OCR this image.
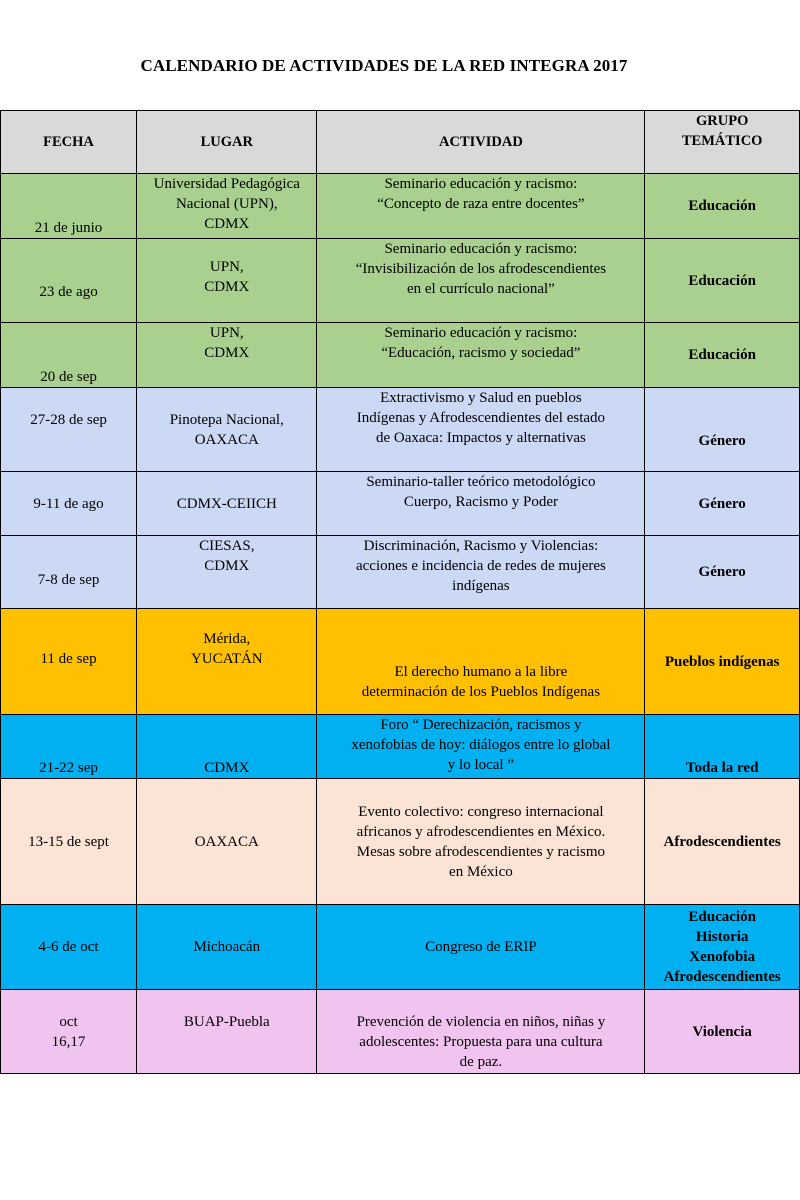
CALENDARIO DE ACTIVIDADES DE LA RED INTEGRA 2017
FECHA	LUGAR	ACTIVIDAD	GRUPO
TEMÁTICO
21 de junio	Universidad Pedagógica
Nacional (UPN),
CDMX	Seminario educación y racismo:
“Concepto de raza entre docentes”	Educación
23 de ago	UPN,
CDMX	Seminario educación y racismo:
“Invisibilización de los afrodescendientes
en el currículo nacional”	Educación
20 de sep	UPN,
CDMX	Seminario educación y racismo:
“Educación, racismo y sociedad”	Educación
27-28 de sep	Pinotepa Nacional,
OAXACA	Extractivismo y Salud en pueblos
Indígenas y Afrodescendientes del estado
de Oaxaca: Impactos y alternativas	Género
9-11 de ago	CDMX-CEIICH	Seminario-taller teórico metodológico
Cuerpo, Racismo y Poder	Género
7-8 de sep	CIESAS,
CDMX	Discriminación, Racismo y Violencias:
acciones e incidencia de redes de mujeres
indígenas	Género
11 de sep	Mérida,
YUCATÁN	El derecho humano a la libre
determinación de los Pueblos Indígenas	Pueblos indígenas
21-22 sep	CDMX	Foro “ Derechización, racismos y
xenofobias de hoy: diálogos entre lo global
y lo local ”	Toda la red
13-15 de sept	OAXACA	Evento colectivo: congreso internacional
africanos y afrodescendientes en México.
Mesas sobre afrodescendientes y racismo
en México	Afrodescendientes
4-6 de oct	Michoacán	Congreso de ERIP	Educación
Historia
Xenofobia
Afrodescendientes
oct
16,17	BUAP-Puebla	Prevención de violencia en niños, niñas y
adolescentes: Propuesta para una cultura
de paz.	Violencia
